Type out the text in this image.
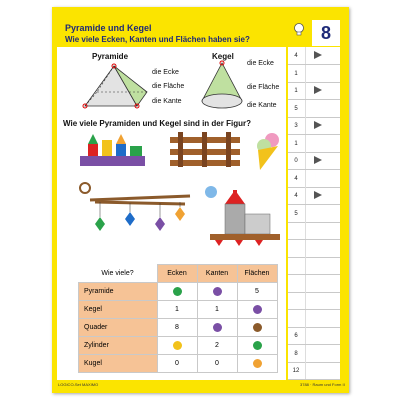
Pyramide und Kegel
Wie viele Ecken, Kanten und Flächen haben sie?	8
Pyramide
die Ecke
die Fläche
die Kante
Kegel
die Ecke
die Fläche
die Kante
4
1
1
5
3
1
0
4
4
5
6
8
12
Wie viele Pyramiden und Kegel sind in der Figur?
Wie viele?	Ecken	Kanten	Flächen
Pyramide			5
Kegel	1	1	
Quader	8		
Zylinder		2	
Kugel	0	0	
LOGICO-Set MAXIMO	3788 · Raum und Form II
